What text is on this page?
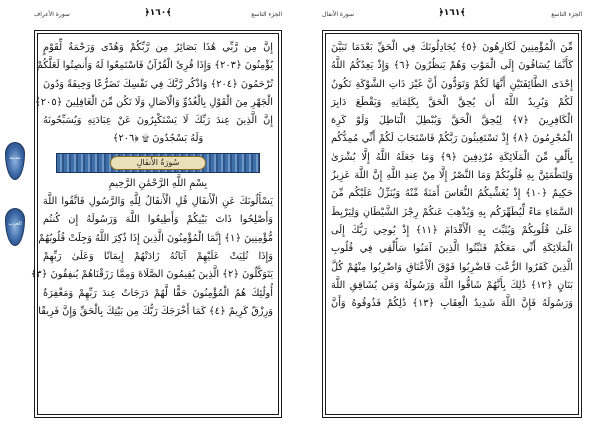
سورة الأعراف	﴿١٦٠﴾	الجزء التاسع
إِنَّ مِن رَّبِّي هَٰذَا بَصَائِرُ مِن رَّبِّكُمْ وَهُدًى وَرَحْمَةٌ لِّقَوْمٍ
يُؤْمِنُونَ ﴿٢٠٣﴾ وَإِذَا قُرِئَ الْقُرْآنُ فَاسْتَمِعُوا لَهُ وَأَنصِتُوا لَعَلَّكُمْ
تُرْحَمُونَ ﴿٢٠٤﴾ وَاذْكُر رَّبَّكَ فِي نَفْسِكَ تَضَرُّعًا وَخِيفَةً وَدُونَ
الْجَهْرِ مِنَ الْقَوْلِ بِالْغُدُوِّ وَالْآصَالِ وَلَا تَكُن مِّنَ الْغَافِلِينَ ﴿٢٠٥﴾
إِنَّ الَّذِينَ عِندَ رَبِّكَ لَا يَسْتَكْبِرُونَ عَنْ عِبَادَتِهِ وَيُسَبِّحُونَهُ
وَلَهُ يَسْجُدُونَ ۩ ﴿٢٠٦﴾
سُورَةُ الأَنفَالِ
بِسْمِ اللَّهِ الرَّحْمَٰنِ الرَّحِيمِ
يَسْأَلُونَكَ عَنِ الْأَنفَالِ قُلِ الْأَنفَالُ لِلَّهِ وَالرَّسُولِ فَاتَّقُوا اللَّهَ
وَأَصْلِحُوا ذَاتَ بَيْنِكُمْ وَأَطِيعُوا اللَّهَ وَرَسُولَهُ إِن كُنتُم
مُّؤْمِنِينَ ﴿١﴾ إِنَّمَا الْمُؤْمِنُونَ الَّذِينَ إِذَا ذُكِرَ اللَّهُ وَجِلَتْ قُلُوبُهُمْ
وَإِذَا تُلِيَتْ عَلَيْهِمْ آيَاتُهُ زَادَتْهُمْ إِيمَانًا وَعَلَىٰ رَبِّهِمْ
يَتَوَكَّلُونَ ﴿٢﴾ الَّذِينَ يُقِيمُونَ الصَّلَاةَ وَمِمَّا رَزَقْنَاهُمْ يُنفِقُونَ ﴿٣﴾
أُولَٰئِكَ هُمُ الْمُؤْمِنُونَ حَقًّا لَّهُمْ دَرَجَاتٌ عِندَ رَبِّهِمْ وَمَغْفِرَةٌ
وَرِزْقٌ كَرِيمٌ ﴿٤﴾ كَمَا أَخْرَجَكَ رَبُّكَ مِن بَيْتِكَ بِالْحَقِّ وَإِنَّ فَرِيقًا
مدنية
الحزب
سورة الأنفال	﴿١٦١﴾	الجزء التاسع
مِّنَ الْمُؤْمِنِينَ لَكَارِهُونَ ﴿٥﴾ يُجَادِلُونَكَ فِي الْحَقِّ بَعْدَمَا تَبَيَّنَ
كَأَنَّمَا يُسَاقُونَ إِلَى الْمَوْتِ وَهُمْ يَنظُرُونَ ﴿٦﴾ وَإِذْ يَعِدُكُمُ اللَّهُ
إِحْدَى الطَّائِفَتَيْنِ أَنَّهَا لَكُمْ وَتَوَدُّونَ أَنَّ غَيْرَ ذَاتِ الشَّوْكَةِ تَكُونُ
لَكُمْ وَيُرِيدُ اللَّهُ أَن يُحِقَّ الْحَقَّ بِكَلِمَاتِهِ وَيَقْطَعَ دَابِرَ
الْكَافِرِينَ ﴿٧﴾ لِيُحِقَّ الْحَقَّ وَيُبْطِلَ الْبَاطِلَ وَلَوْ كَرِهَ
الْمُجْرِمُونَ ﴿٨﴾ إِذْ تَسْتَغِيثُونَ رَبَّكُمْ فَاسْتَجَابَ لَكُمْ أَنِّي مُمِدُّكُم
بِأَلْفٍ مِّنَ الْمَلَائِكَةِ مُرْدِفِينَ ﴿٩﴾ وَمَا جَعَلَهُ اللَّهُ إِلَّا بُشْرَىٰ
وَلِتَطْمَئِنَّ بِهِ قُلُوبُكُمْ وَمَا النَّصْرُ إِلَّا مِنْ عِندِ اللَّهِ إِنَّ اللَّهَ عَزِيزٌ
حَكِيمٌ ﴿١٠﴾ إِذْ يُغَشِّيكُمُ النُّعَاسَ أَمَنَةً مِّنْهُ وَيُنَزِّلُ عَلَيْكُم مِّنَ
السَّمَاءِ مَاءً لِّيُطَهِّرَكُم بِهِ وَيُذْهِبَ عَنكُمْ رِجْزَ الشَّيْطَانِ وَلِيَرْبِطَ
عَلَىٰ قُلُوبِكُمْ وَيُثَبِّتَ بِهِ الْأَقْدَامَ ﴿١١﴾ إِذْ يُوحِي رَبُّكَ إِلَى
الْمَلَائِكَةِ أَنِّي مَعَكُمْ فَثَبِّتُوا الَّذِينَ آمَنُوا سَأُلْقِي فِي قُلُوبِ
الَّذِينَ كَفَرُوا الرُّعْبَ فَاضْرِبُوا فَوْقَ الْأَعْنَاقِ وَاضْرِبُوا مِنْهُمْ كُلَّ
بَنَانٍ ﴿١٢﴾ ذَٰلِكَ بِأَنَّهُمْ شَاقُّوا اللَّهَ وَرَسُولَهُ وَمَن يُشَاقِقِ اللَّهَ
وَرَسُولَهُ فَإِنَّ اللَّهَ شَدِيدُ الْعِقَابِ ﴿١٣﴾ ذَٰلِكُمْ فَذُوقُوهُ وَأَنَّ
